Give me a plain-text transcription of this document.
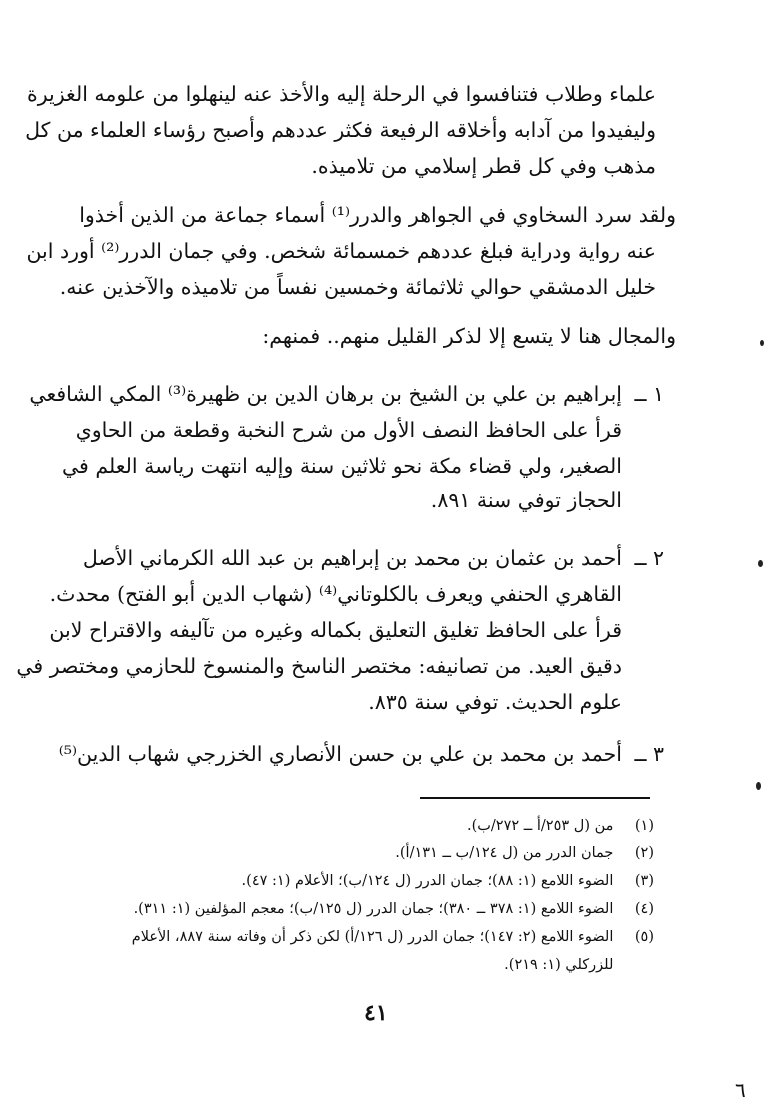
علماء وطلاب فتنافسوا في الرحلة إليه والأخذ عنه لينهلوا من علومه الغزيرة
وليفيدوا من آدابه وأخلاقه الرفيعة فكثر عددهم وأصبح رؤساء العلماء من كل
مذهب وفي كل قطر إسلامي من تلاميذه.
ولقد سرد السخاوي في الجواهر والدرر⁽¹⁾ أسماء جماعة من الذين أخذوا
عنه رواية ودراية فبلغ عددهم خمسمائة شخص. وفي جمان الدرر⁽²⁾ أورد ابن
خليل الدمشقي حوالي ثلاثمائة وخمسين نفساً من تلاميذه والآخذين عنه.
والمجال هنا لا يتسع إلا لذكر القليل منهم.. فمنهم:
١ ــ
إبراهيم بن علي بن الشيخ بن برهان الدين بن ظهيرة⁽³⁾ المكي الشافعي
قرأ على الحافظ النصف الأول من شرح النخبة وقطعة من الحاوي
الصغير، ولي قضاء مكة نحو ثلاثين سنة وإليه انتهت رياسة العلم في
الحجاز توفي سنة ٨٩١.
٢ ــ
أحمد بن عثمان بن محمد بن إبراهيم بن عبد الله الكرماني الأصل
القاهري الحنفي ويعرف بالكلوتاني⁽⁴⁾ (شهاب الدين أبو الفتح) محدث.
قرأ على الحافظ تغليق التعليق بكماله وغيره من تآليفه والاقتراح لابن
دقيق العيد. من تصانيفه: مختصر الناسخ والمنسوخ للحازمي ومختصر في
علوم الحديث. توفي سنة ٨٣٥.
٣ ــ
أحمد بن محمد بن علي بن حسن الأنصاري الخزرجي شهاب الدين⁽⁵⁾
(١) من (ل ٢٥٣/أ ــ ٢٧٢/ب).
(٢) جمان الدرر من (ل ١٢٤/ب ــ ١٣١/أ).
(٣) الضوء اللامع (١: ٨٨)؛ جمان الدرر (ل ١٢٤/ب)؛ الأعلام (١: ٤٧).
(٤) الضوء اللامع (١: ٣٧٨ ــ ٣٨٠)؛ جمان الدرر (ل ١٢٥/ب)؛ معجم المؤلفين (١: ٣١١).
(٥) الضوء اللامع (٢: ١٤٧)؛ جمان الدرر (ل ١٢٦/أ) لكن ذكر أن وفاته سنة ٨٨٧، الأعلام
للزركلي (١: ٢١٩).
٤١
٦
